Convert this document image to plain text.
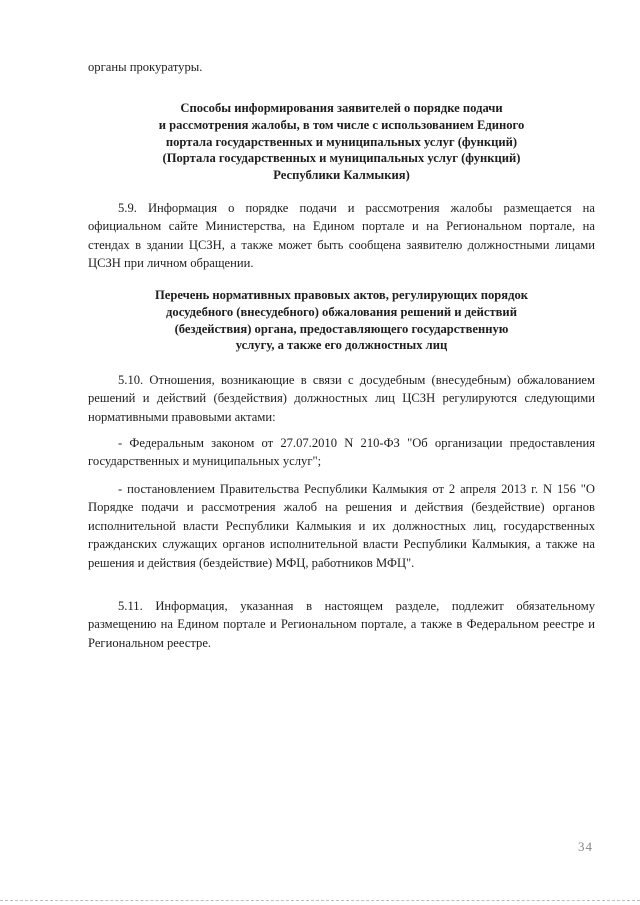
органы прокуратуры.

Способы информирования заявителей о порядке подачи
и рассмотрения жалобы, в том числе с использованием Единого
портала государственных и муниципальных услуг (функций)
(Портала государственных и муниципальных услуг (функций)
Республики Калмыкия)

5.9. Информация о порядке подачи и рассмотрения жалобы размещается на официальном сайте Министерства, на Едином портале и на Региональном портале, на стендах в здании ЦСЗН, а также может быть сообщена заявителю должностными лицами ЦСЗН при личном обращении.

Перечень нормативных правовых актов, регулирующих порядок
досудебного (внесудебного) обжалования решений и действий
(бездействия) органа, предоставляющего государственную
услугу, а также его должностных лиц

5.10. Отношения, возникающие в связи с досудебным (внесудебным) обжалованием решений и действий (бездействия) должностных лиц ЦСЗН регулируются следующими нормативными правовыми актами:

- Федеральным законом от 27.07.2010 N 210-ФЗ "Об организации предоставления государственных и муниципальных услуг";

- постановлением Правительства Республики Калмыкия от 2 апреля 2013 г. N 156 "О Порядке подачи и рассмотрения жалоб на решения и действия (бездействие) органов исполнительной власти Республики Калмыкия и их должностных лиц, государственных гражданских служащих органов исполнительной власти Республики Калмыкия, а также на решения и действия (бездействие) МФЦ, работников МФЦ".

5.11. Информация, указанная в настоящем разделе, подлежит обязательному размещению на Едином портале и Региональном портале, а также в Федеральном реестре и Региональном реестре.

34
